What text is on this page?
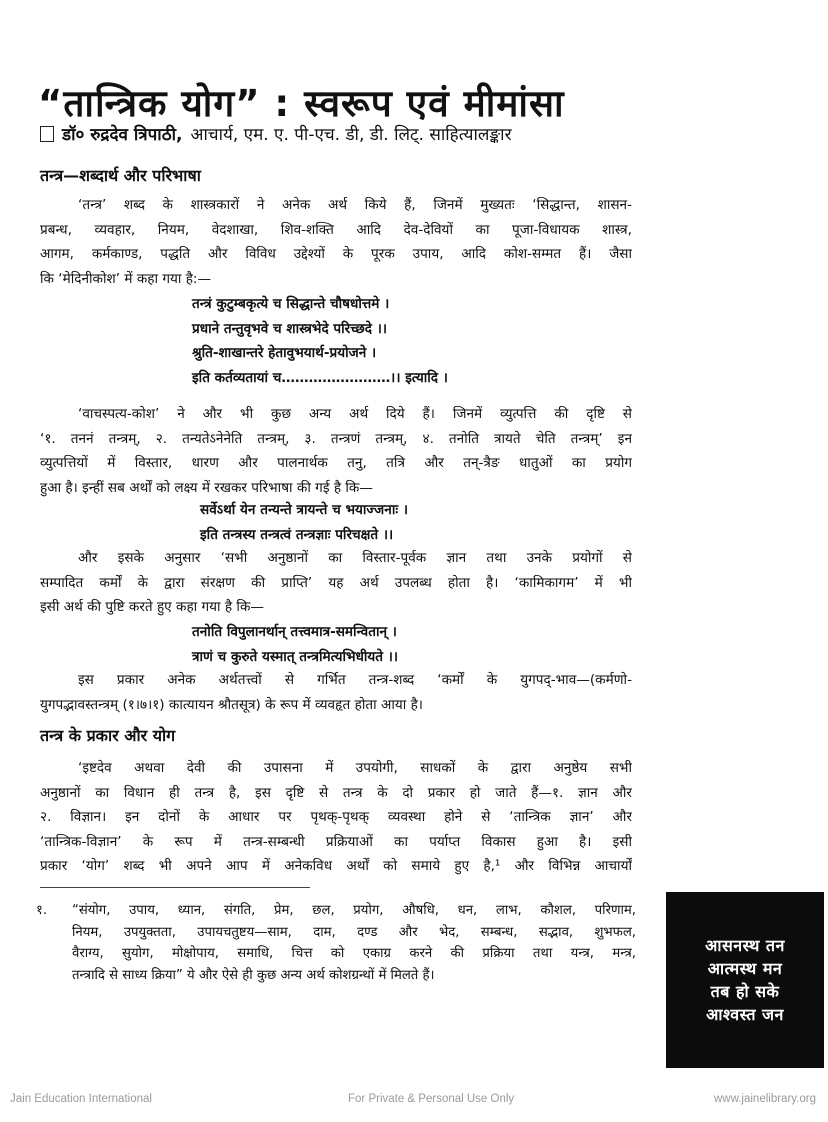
“तान्त्रिक योग” : स्वरूप एवं मीमांसा
डॉ० रुद्रदेव त्रिपाठी, आचार्य, एम. ए. पी-एच. डी, डी. लिट्. साहित्यालङ्कार
तन्त्र—शब्दार्थ और परिभाषा
‘तन्त्र’ शब्द के शास्त्रकारों ने अनेक अर्थ किये हैं, जिनमें मुख्यतः ‘सिद्धान्त, शासन-
प्रबन्ध, व्यवहार, नियम, वेदशाखा, शिव-शक्ति आदि देव-देवियों का पूजा-विधायक शास्त्र,
आगम, कर्मकाण्ड, पद्धति और विविध उद्देश्यों के पूरक उपाय, आदि कोश-सम्मत हैं। जैसा
कि ‘मेदिनीकोश’ में कहा गया है:—
तन्त्रं कुटुम्बकृत्ये च सिद्धान्ते चौषधोत्तमे ।
प्रधाने तन्तुवृभवे च शास्त्रभेदे परिच्छदे ।।
श्रुति-शाखान्तरे हेतावुभयार्थ-प्रयोजने ।
इति कर्तव्यतायां च……………………।। इत्यादि ।
‘वाचस्पत्य-कोश’ ने और भी कुछ अन्य अर्थ दिये हैं। जिनमें व्युत्पत्ति की दृष्टि से
‘१. तननं तन्त्रम्, २. तन्यतेऽनेनेति तन्त्रम्, ३. तन्त्रणं तन्त्रम्, ४. तनोति त्रायते चेति तन्त्रम्’ इन
व्युत्पत्तियों में विस्तार, धारण और पालनार्थक तनु, तत्रि और तन्-त्रैङ धातुओं का प्रयोग
हुआ है। इन्हीं सब अर्थों को लक्ष्य में रखकर परिभाषा की गई है कि—
सर्वेऽर्था येन तन्यन्ते त्रायन्ते च भयाज्जनाः ।
इति तन्त्रस्य तन्त्रत्वं तन्त्रज्ञाः परिचक्षते ।।
और इसके अनुसार ‘सभी अनुष्ठानों का विस्तार-पूर्वक ज्ञान तथा उनके प्रयोगों से
सम्पादित कर्मों के द्वारा संरक्षण की प्राप्ति’ यह अर्थ उपलब्ध होता है। ‘कामिकागम’ में भी
इसी अर्थ की पुष्टि करते हुए कहा गया है कि—
तनोति विपुलानर्थान् तत्त्वमात्र-समन्वितान् ।
त्राणं च कुरुते यस्मात् तन्त्रमित्यभिधीयते ।।
इस प्रकार अनेक अर्थतत्त्वों से गर्भित तन्त्र-शब्द ‘कर्मों के युगपद्-भाव—(कर्मणो-
युगपद्भावस्तन्त्रम् (१।७।१) कात्यायन श्रौतसूत्र) के रूप में व्यवहृत होता आया है।
तन्त्र के प्रकार और योग
‘इष्टदेव अथवा देवी की उपासना में उपयोगी, साधकों के द्वारा अनुष्ठेय सभी
अनुष्ठानों का विधान ही तन्त्र है, इस दृष्टि से तन्त्र के दो प्रकार हो जाते हैं—१. ज्ञान और
२. विज्ञान। इन दोनों के आधार पर पृथक्-पृथक् व्यवस्था होने से ‘तान्त्रिक ज्ञान’ और
‘तान्त्रिक-विज्ञान’ के रूप में तन्त्र-सम्बन्धी प्रक्रियाओं का पर्याप्त विकास हुआ है। इसी
प्रकार ‘योग’ शब्द भी अपने आप में अनेकविध अर्थों को समाये हुए है,¹ और विभिन्न आचार्यों
१. “संयोग, उपाय, ध्यान, संगति, प्रेम, छल, प्रयोग, औषधि, धन, लाभ, कौशल, परिणाम,
नियम, उपयुक्तता, उपायचतुष्टय—साम, दाम, दण्ड और भेद, सम्बन्ध, सद्भाव, शुभफल,
वैराग्य, सुयोग, मोक्षोपाय, समाधि, चित्त को एकाग्र करने की प्रक्रिया तथा यन्त्र, मन्त्र,
तन्त्रादि से साध्य क्रिया” ये और ऐसे ही कुछ अन्य अर्थ कोशग्रन्थों में मिलते हैं।
आसनस्थ तन
आत्मस्थ मन
तब हो सके
आश्वस्त जन
Jain Education International	For Private & Personal Use Only	www.jainelibrary.org
